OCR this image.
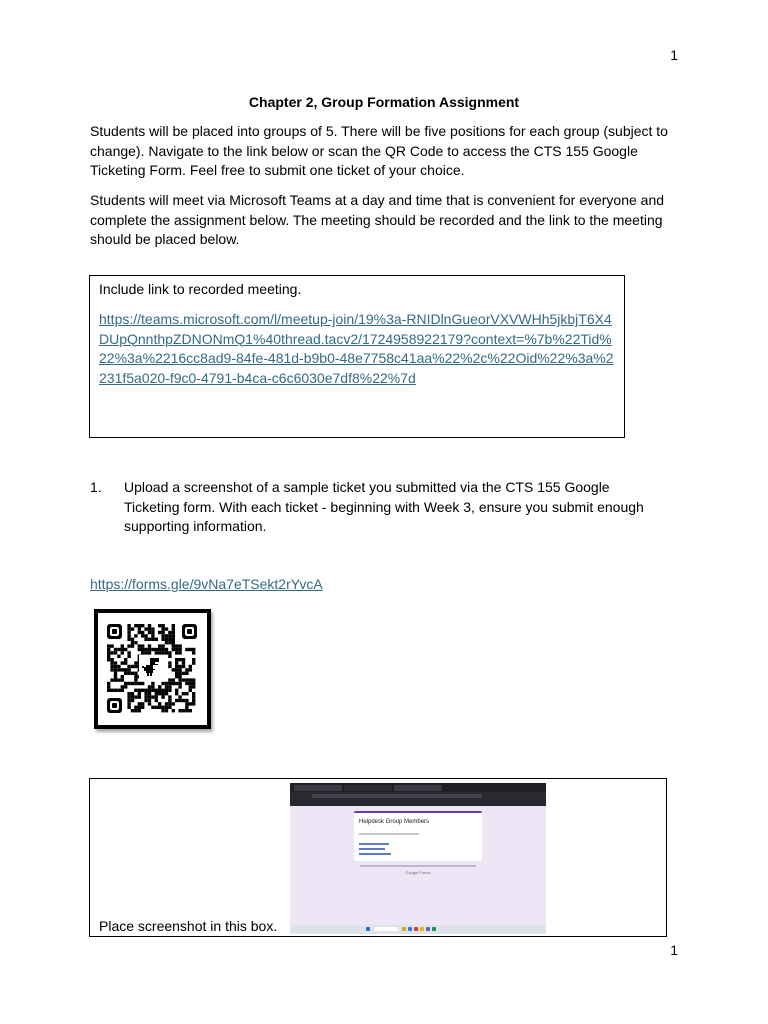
1
Chapter 2, Group Formation Assignment
Students will be placed into groups of 5. There will be five positions for each group (subject to change). Navigate to the link below or scan the QR Code to access the CTS 155 Google Ticketing Form. Feel free to submit one ticket of your choice.
Students will meet via Microsoft Teams at a day and time that is convenient for everyone and complete the assignment below. The meeting should be recorded and the link to the meeting should be placed below.
Include link to recorded meeting.
https://teams.microsoft.com/l/meetup-join/19%3a-RNIDlnGueorVXVWHh5jkbjT6X4DUpQnnthpZDNONmQ1%40thread.tacv2/1724958922179?context=%7b%22Tid%22%3a%2216cc8ad9-84fe-481d-b9b0-48e7758c41aa%22%2c%22Oid%22%3a%2231f5a020-f9c0-4791-b4ca-c6c6030e7df8%22%7d
1. Upload a screenshot of a sample ticket you submitted via the CTS 155 Google Ticketing form. With each ticket - beginning with Week 3, ensure you submit enough supporting information.
https://forms.gle/9vNa7eTSekt2rYvcA
Helpdesk Group Members
Google Forms
Place screenshot in this box.
1
